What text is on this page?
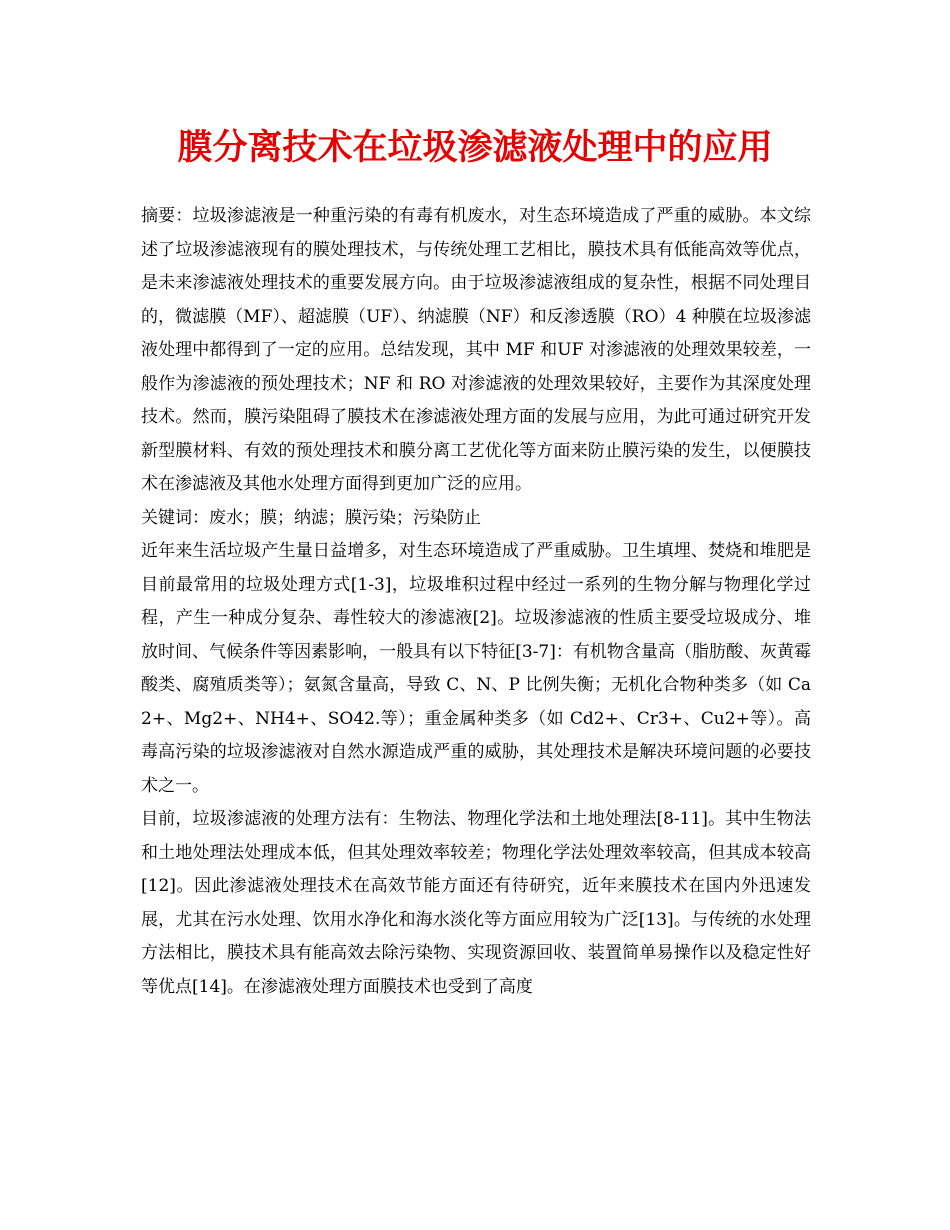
膜分离技术在垃圾渗滤液处理中的应用

摘要：垃圾渗滤液是一种重污染的有毒有机废水，对生态环境造成了严重的威胁。本文综述了垃圾渗滤液现有的膜处理技术，与传统处理工艺相比，膜技术具有低能高效等优点，是未来渗滤液处理技术的重要发展方向。由于垃圾渗滤液组成的复杂性，根据不同处理目的，微滤膜（MF）、超滤膜（UF）、纳滤膜（NF）和反渗透膜（RO）4 种膜在垃圾渗滤液处理中都得到了一定的应用。总结发现，其中 MF 和UF 对渗滤液的处理效果较差，一般作为渗滤液的预处理技术；NF 和 RO 对渗滤液的处理效果较好，主要作为其深度处理技术。然而，膜污染阻碍了膜技术在渗滤液处理方面的发展与应用，为此可通过研究开发新型膜材料、有效的预处理技术和膜分离工艺优化等方面来防止膜污染的发生，以便膜技术在渗滤液及其他水处理方面得到更加广泛的应用。

关键词：废水；膜；纳滤；膜污染；污染防止

近年来生活垃圾产生量日益增多，对生态环境造成了严重威胁。卫生填埋、焚烧和堆肥是目前最常用的垃圾处理方式[1-3]，垃圾堆积过程中经过一系列的生物分解与物理化学过程，产生一种成分复杂、毒性较大的渗滤液[2]。垃圾渗滤液的性质主要受垃圾成分、堆放时间、气候条件等因素影响，一般具有以下特征[3-7]：有机物含量高（脂肪酸、灰黄霉酸类、腐殖质类等）；氨氮含量高，导致 C、N、P 比例失衡；无机化合物种类多（如 Ca2+、Mg2+、NH4+、SO42.等）；重金属种类多（如 Cd2+、Cr3+、Cu2+等）。高毒高污染的垃圾渗滤液对自然水源造成严重的威胁，其处理技术是解决环境问题的必要技术之一。

目前，垃圾渗滤液的处理方法有：生物法、物理化学法和土地处理法[8-11]。其中生物法和土地处理法处理成本低，但其处理效率较差；物理化学法处理效率较高，但其成本较高[12]。因此渗滤液处理技术在高效节能方面还有待研究，近年来膜技术在国内外迅速发展，尤其在污水处理、饮用水净化和海水淡化等方面应用较为广泛[13]。与传统的水处理方法相比，膜技术具有能高效去除污染物、实现资源回收、装置简单易操作以及稳定性好等优点[14]。在渗滤液处理方面膜技术也受到了高度
